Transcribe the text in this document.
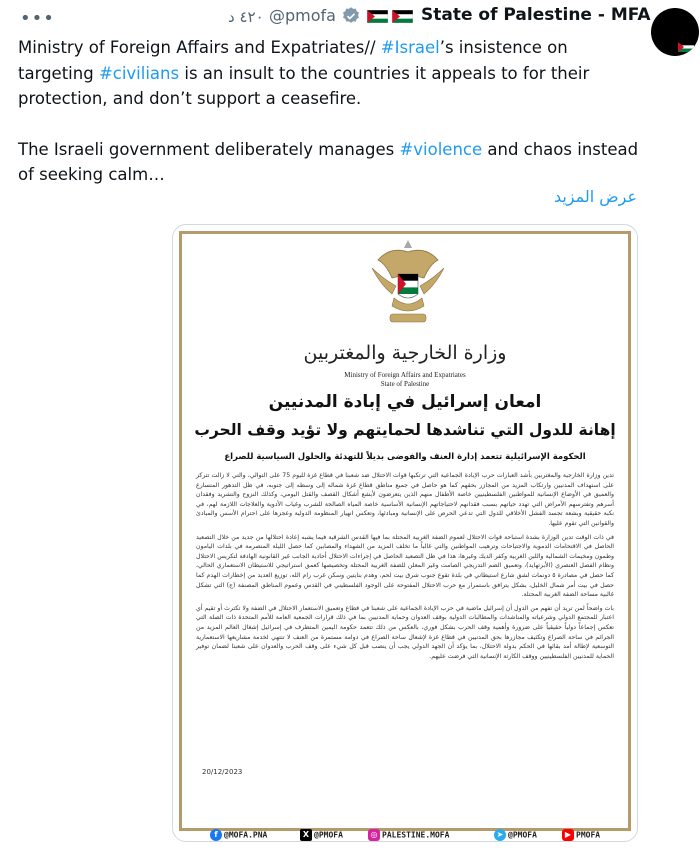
•••	٤٢٠ د @pmofa	State of Palestine - MFA

Ministry of Foreign Affairs and Expatriates// #Israel’s insistence on targeting #civilians is an insult to the countries it appeals to for their protection, and don’t support a ceasefire.

The Israeli government deliberately manages #violence and chaos instead of seeking calm…

عرض المزيد
وزارة الخارجية والمغتربين
Ministry of Foreign Affairs and Expatriates
State of Palestine
امعان إسرائيل في إبادة المدنيين
إهانة للدول التي تناشدها لحمايتهم ولا تؤيد وقف الحرب
الحكومة الإسرائيلية تتعمد إدارة العنف والفوضى بديلاً للتهدئة والحلول السياسية للصراع

تدين وزارة الخارجية والمغتربين بأشد العبارات حرب الإبادة الجماعية التي ترتكبها قوات الاحتلال ضد شعبنا في قطاع غزة لليوم 75 على التوالي، والتي لا زالت تتركز على استهداف المدنيين وارتكاب المزيد من المجازر بحقهم كما هو حاصل في جميع مناطق قطاع غزة شماله إلى وسطه إلى جنوبه، في ظل التدهور المتسارع والعميق في الأوضاع الإنسانية للمواطنين الفلسطينيين خاصة الأطفال منهم الذين يتعرضون لأبشع أشكال القصف والقتل اليومي، وكذلك النزوح والتشريد وفقدان أسرهم وتفترسهم الأمراض التي تهدد حياتهم بسبب فقدانهم لاحتياجاتهم الإنسانية الأساسية خاصة المياه الصالحة للشرب وغياب الأدوية والعلاجات اللازمة لهم، في نكبة حقيقية وبشعة تجسد الفشل الأخلاقي للدول التي تدعي الحرص على الإنسانية ومبادئها، وتعكس انهيار المنظومة الدولية وعجزها على احترام الأسس والمبادئ والقوانين التي تقوم عليها.

في ذات الوقت تدين الوزارة بشدة استباحة قوات الاحتلال لعموم الضفة الغربية المحتلة بما فيها القدس الشرقية فيما يشبه إعادة احتلالها من جديد من خلال التصعيد الحاصل في الاقتحامات الدموية والاجتياحات وترهيب المواطنين والتي غالباً ما تخلف المزيد من الشهداء والمصابين كما حصل الليلة المنصرمة في بلدات اليامون وطمون ومخيمات الشمالية واللبن الغربية وكفر الديك وغيرها، هذا في ظل التصعيد الحاصل في إجراءات الاحتلال أحادية الجانب غير القانونية الهادفة لتكريس الاحتلال ونظام الفصل العنصري (الأبرتهايد)، وتعميق الضم التدريجي الصامت وغير المعلن للضفة الغربية المحتلة وتخصيصها كعمق استراتيجي للاستيطان الاستعماري الحالي، كما حصل في مصادرة ٥ دونمات لشق شارع استيطاني في بلدة تقوع جنوب شرق بيت لحم، وهدم بنايتين وسكن غرب رام الله، توزيع العديد من إخطارات الهدم كما حصل في بيت أمر شمال الخليل، بشكل يترافق باستمرار مع حرب الاحتلال المفتوحة على الوجود الفلسطيني في القدس وعموم المناطق المصنفة (ج) التي تشكل غالبية مساحة الضفة الغربية المحتلة.

بات واضحاً لمن تريد أن تفهم من الدول أن إسرائيل ماضية في حرب الإبادة الجماعية على شعبنا في قطاع وتعميق الاستعمار الاحتلال في الضفة ولا تكترث أو تقيم أي اعتبار للمجتمع الدولي وشرعياته والمناشدات والمطالبات الدولية بوقف العدوان وحماية المدنيين بما في ذلك قرارات الجمعية العامة للأمم المتحدة ذات الصلة التي تعكس إجماعاً دولياً حقيقياً على ضرورة وأهمية وقف الحرب بشكل فوري، بالعكس من ذلك تتعمد حكومة اليمين المتطرف في إسرائيل إشغال العالم المزيد من الجرائم في ساحة الصراع وتكثيف مجازرها بحق المدنيين في قطاع غزة لإشعال ساحة الصراع في دوامة مستمرة من العنف لا تنتهي لخدمة مشاريعها الاستعمارية التوسعية لإطالة أمد بقائها في الحكم بدولة الاحتلال، بما يؤكد أن الجهد الدولي يجب أن ينصب قبل كل شيء على وقف الحرب والعدوان على شعبنا لضمان توفير الحماية للمدنيين الفلسطينيين ووقف الكارثة الإنسانية التي فرضت عليهم.

20/12/2023
f @MOFA.PNA	X @PMOFA	◎ PALESTINE.MOFA	➤ @PMOFA	▶ PMOFA
